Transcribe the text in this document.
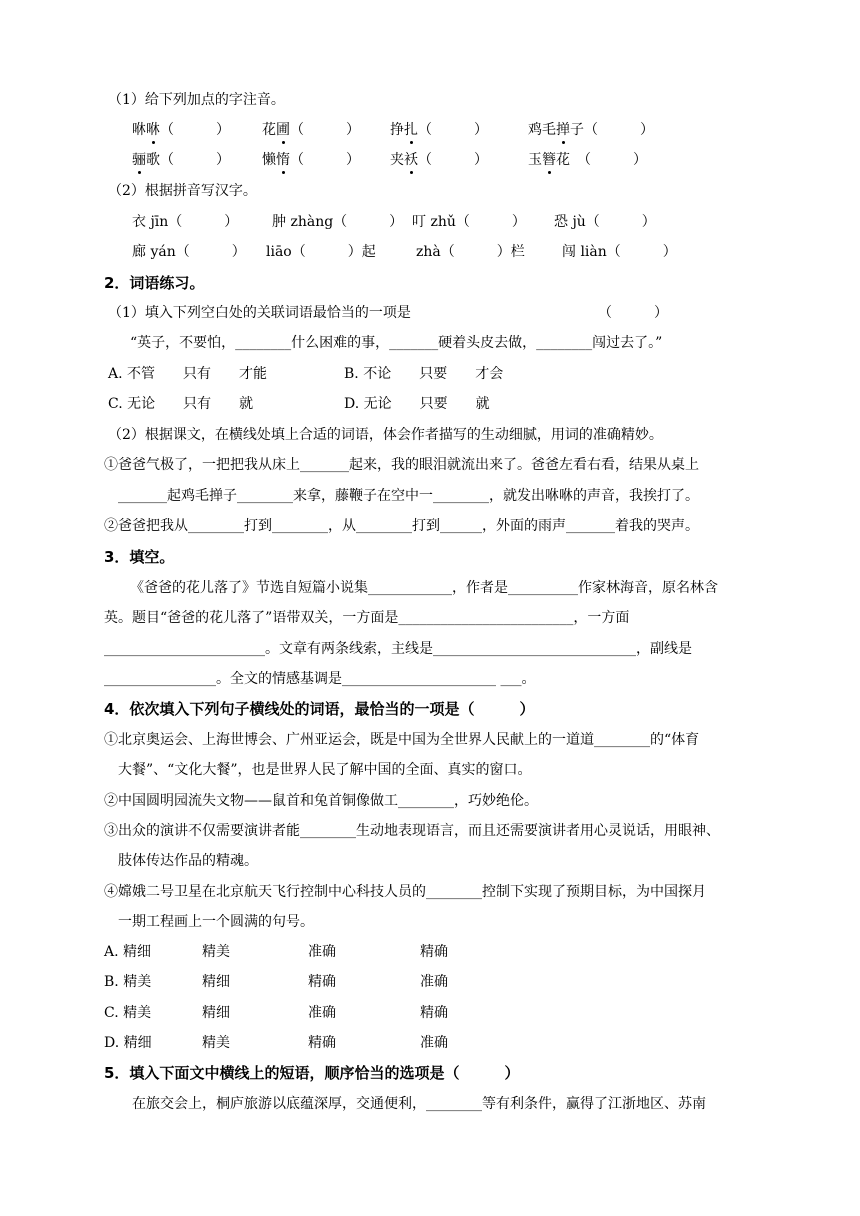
（1）给下列加点的字注音。
咻咻（　　　） 花圃（　　　） 挣扎（　　　）	鸡毛掸子（　　　）
骊歌（　　　） 懒惰（　　　） 夹袄（　　　）	玉簪花　（　　　）
（2）根据拼音写汉字。
衣 jīn（　　　） 肿 zhàng（　　　） 叮 zhǔ（　　　） 恐 jù（　　　）
廊 yán（　　　） liāo（　　　）起	zhà（　　　）栏	闯 liàn（　　　）
2．词语练习。
（1）填入下列空白处的关联词语最恰当的一项是	（　　　）
“英子，不要怕，________什么困难的事，_______硬着头皮去做，________闯过去了。”
A. 不管　　只有　　才能	B. 不论　　只要　　才会
C. 无论　　只有　　就	D. 无论　　只要　　就
（2）根据课文，在横线处填上合适的词语，体会作者描写的生动细腻，用词的准确精妙。
①爸爸气极了，一把把我从床上_______起来，我的眼泪就流出来了。爸爸左看右看，结果从桌上
_______起鸡毛掸子________来拿，藤鞭子在空中一________，就发出咻咻的声音，我挨打了。
②爸爸把我从________打到________，从________打到______，外面的雨声_______着我的哭声。
3．填空。
《爸爸的花儿落了》节选自短篇小说集____________，作者是__________作家林海音，原名林含
英。题目“爸爸的花儿落了”语带双关，一方面是_________________________，一方面
_______________________。文章有两条线索，主线是_____________________________，副线是
________________。全文的情感基调是______________________ ___。
4．依次填入下列句子横线处的词语，最恰当的一项是（　　　）
①北京奥运会、上海世博会、广州亚运会，既是中国为全世界人民献上的一道道________的“体育
大餐”、“文化大餐”，也是世界人民了解中国的全面、真实的窗口。
②中国圆明园流失文物——鼠首和兔首铜像做工________，巧妙绝伦。
③出众的演讲不仅需要演讲者能________生动地表现语言，而且还需要演讲者用心灵说话，用眼神、
肢体传达作品的精魂。
④嫦娥二号卫星在北京航天飞行控制中心科技人员的________控制下实现了预期目标，为中国探月
一期工程画上一个圆满的句号。
A. 精细	精美	准确	精确
B. 精美	精细	精确	准确
C. 精美	精细	准确	精确
D. 精细	精美	精确	准确
5．填入下面文中横线上的短语，顺序恰当的选项是（　　　）
在旅交会上，桐庐旅游以底蕴深厚，交通便利，________等有利条件，赢得了江浙地区、苏南
